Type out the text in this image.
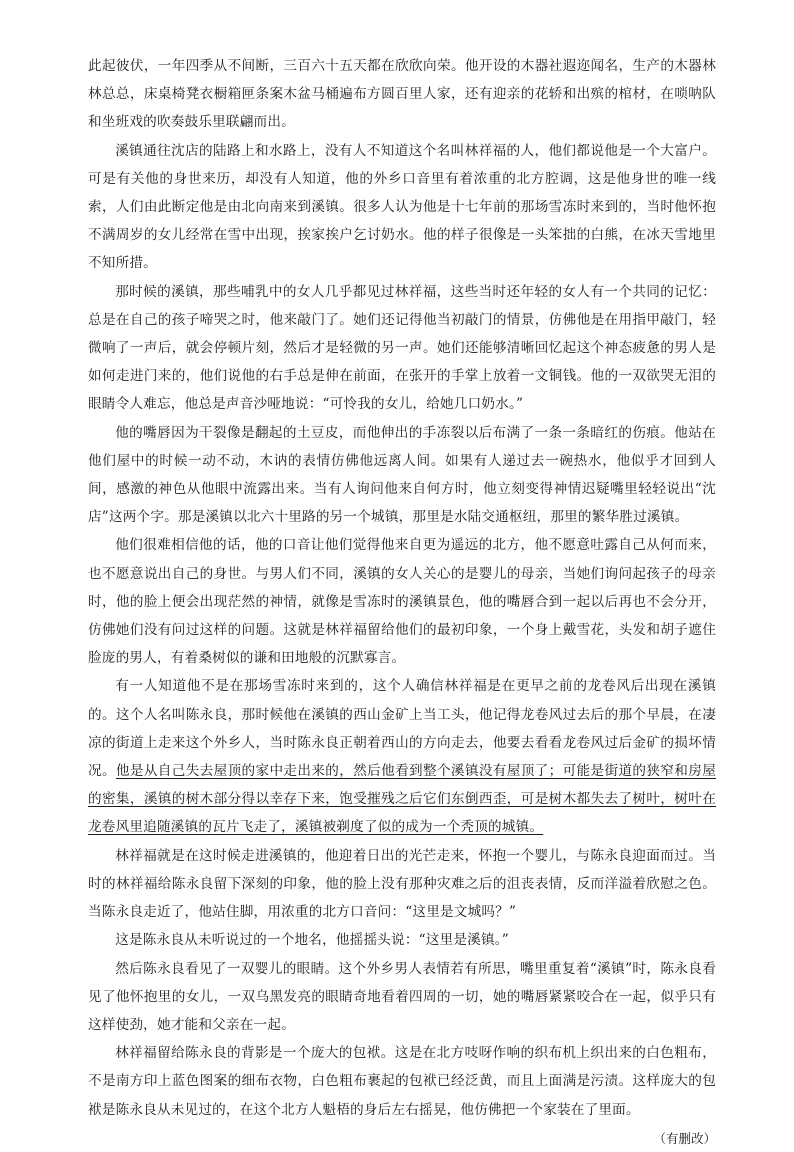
此起彼伏，一年四季从不间断，三百六十五天都在欣欣向荣。他开设的木器社遐迩闻名，生产的木器林林总总，床桌椅凳衣橱箱匣条案木盆马桶遍布方圆百里人家，还有迎亲的花轿和出殡的棺材，在唢呐队和坐班戏的吹奏鼓乐里联翩而出。

溪镇通往沈店的陆路上和水路上，没有人不知道这个名叫林祥福的人，他们都说他是一个大富户。可是有关他的身世来历，却没有人知道，他的外乡口音里有着浓重的北方腔调，这是他身世的唯一线索，人们由此断定他是由北向南来到溪镇。很多人认为他是十七年前的那场雪冻时来到的，当时他怀抱不满周岁的女儿经常在雪中出现，挨家挨户乞讨奶水。他的样子很像是一头笨拙的白熊，在冰天雪地里不知所措。

那时候的溪镇，那些哺乳中的女人几乎都见过林祥福，这些当时还年轻的女人有一个共同的记忆：总是在自己的孩子啼哭之时，他来敲门了。她们还记得他当初敲门的情景，仿佛他是在用指甲敲门，轻微响了一声后，就会停顿片刻，然后才是轻微的另一声。她们还能够清晰回忆起这个神态疲惫的男人是如何走进门来的，他们说他的右手总是伸在前面，在张开的手掌上放着一文铜钱。他的一双欲哭无泪的眼睛令人难忘，他总是声音沙哑地说：“可怜我的女儿，给她几口奶水。”

他的嘴唇因为干裂像是翻起的土豆皮，而他伸出的手冻裂以后布满了一条一条暗红的伤痕。他站在他们屋中的时候一动不动，木讷的表情仿佛他远离人间。如果有人递过去一碗热水，他似乎才回到人间，感激的神色从他眼中流露出来。当有人询问他来自何方时，他立刻变得神情迟疑嘴里轻轻说出“沈店”这两个字。那是溪镇以北六十里路的另一个城镇，那里是水陆交通枢纽，那里的繁华胜过溪镇。

他们很难相信他的话，他的口音让他们觉得他来自更为遥远的北方，他不愿意吐露自己从何而来，也不愿意说出自己的身世。与男人们不同，溪镇的女人关心的是婴儿的母亲，当她们询问起孩子的母亲时，他的脸上便会出现茫然的神情，就像是雪冻时的溪镇景色，他的嘴唇合到一起以后再也不会分开，仿佛她们没有问过这样的问题。这就是林祥福留给他们的最初印象，一个身上戴雪花，头发和胡子遮住脸庞的男人，有着桑树似的谦和田地般的沉默寡言。

有一人知道他不是在那场雪冻时来到的，这个人确信林祥福是在更早之前的龙卷风后出现在溪镇的。这个人名叫陈永良，那时候他在溪镇的西山金矿上当工头，他记得龙卷风过去后的那个早晨，在凄凉的街道上走来这个外乡人，当时陈永良正朝着西山的方向走去，他要去看看龙卷风过后金矿的损坏情况。他是从自己失去屋顶的家中走出来的，然后他看到整个溪镇没有屋顶了；可能是街道的狭窄和房屋的密集，溪镇的树木部分得以幸存下来，饱受摧残之后它们东倒西歪，可是树木都失去了树叶，树叶在龙卷风里追随溪镇的瓦片飞走了，溪镇被剃度了似的成为一个秃顶的城镇。

林祥福就是在这时候走进溪镇的，他迎着日出的光芒走来，怀抱一个婴儿，与陈永良迎面而过。当时的林祥福给陈永良留下深刻的印象，他的脸上没有那种灾难之后的沮丧表情，反而洋溢着欣慰之色。当陈永良走近了，他站住脚，用浓重的北方口音问：“这里是文城吗？”

这是陈永良从未听说过的一个地名，他摇摇头说：“这里是溪镇。”

然后陈永良看见了一双婴儿的眼睛。这个外乡男人表情若有所思，嘴里重复着“溪镇”时，陈永良看见了他怀抱里的女儿，一双乌黑发亮的眼睛奇地看着四周的一切，她的嘴唇紧紧咬合在一起，似乎只有这样使劲，她才能和父亲在一起。

林祥福留给陈永良的背影是一个庞大的包袱。这是在北方吱呀作响的织布机上织出来的白色粗布，不是南方印上蓝色图案的细布衣物，白色粗布裹起的包袱已经泛黄，而且上面满是污渍。这样庞大的包袱是陈永良从未见过的，在这个北方人魁梧的身后左右摇晃，他仿佛把一个家装在了里面。

（有删改）
